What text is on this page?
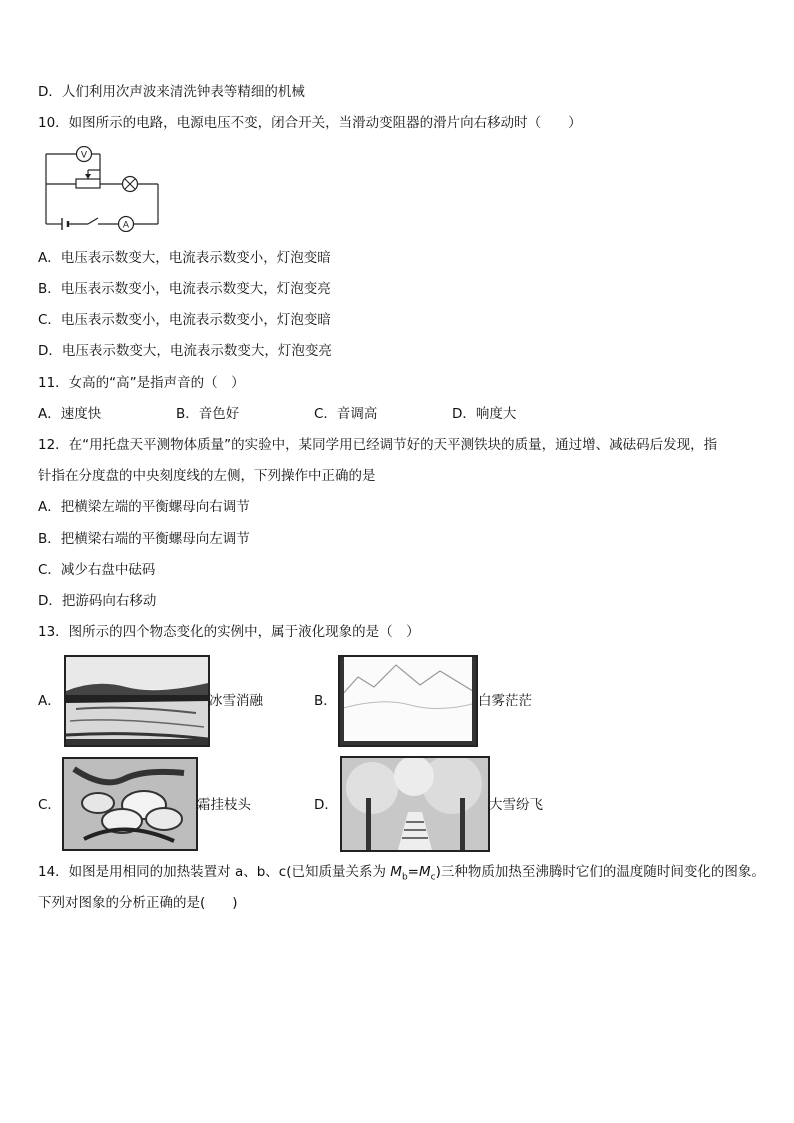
D．人们利用次声波来清洗钟表等精细的机械
10．如图所示的电路，电源电压不变，闭合开关，当滑动变阻器的滑片向右移动时（　　）
V
A
A．电压表示数变大，电流表示数变小，灯泡变暗
B．电压表示数变小，电流表示数变大，灯泡变亮
C．电压表示数变小，电流表示数变小，灯泡变暗
D．电压表示数变大，电流表示数变大，灯泡变亮
11．女高的“高”是指声音的（　）
A．速度快	B．音色好	C．音调高	D．响度大
12．在“用托盘天平测物体质量”的实验中，某同学用已经调节好的天平测铁块的质量，通过增、减砝码后发现，指
针指在分度盘的中央刻度线的左侧，下列操作中正确的是
A．把横梁左端的平衡螺母向右调节
B．把横梁右端的平衡螺母向左调节
C．减少右盘中砝码
D．把游码向右移动
13．图所示的四个物态变化的实例中，属于液化现象的是（　）
A．	冰雪消融	B．	白雾茫茫
C．	霜挂枝头	D．	大雪纷飞
14．如图是用相同的加热装置对 a、b、c(已知质量关系为 $M_b=M_c$)三种物质加热至沸腾时它们的温度随时间变化的图象。
下列对图象的分析正确的是(　　)
